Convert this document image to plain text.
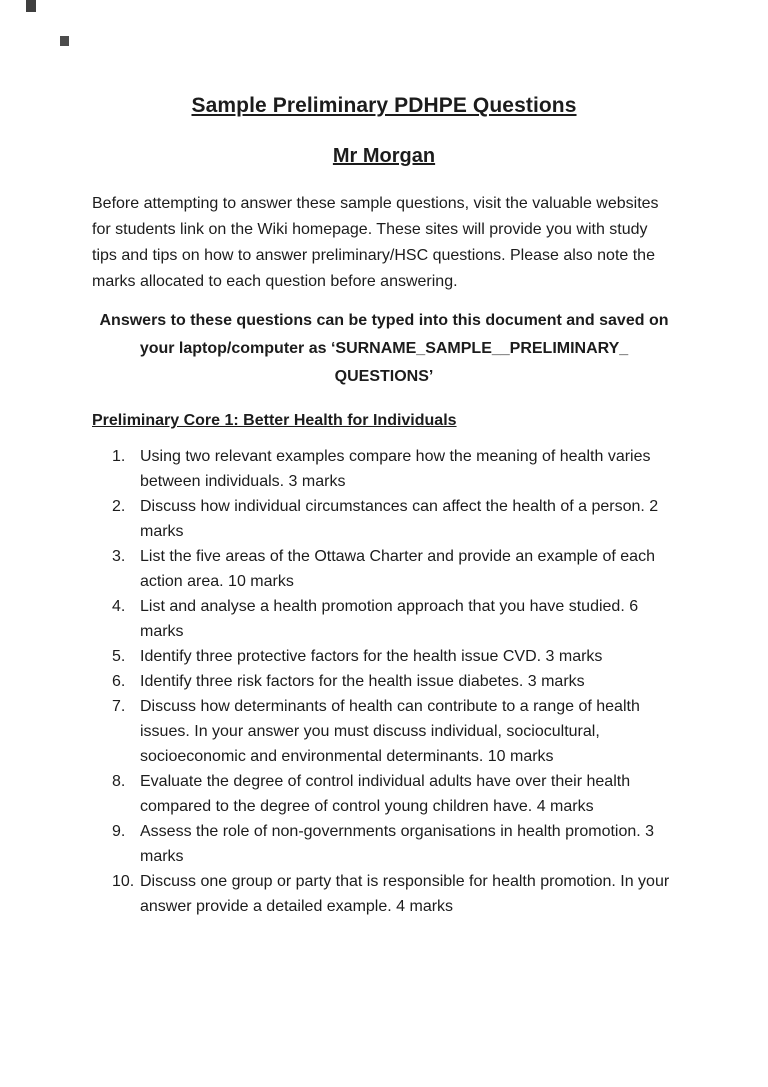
Sample Preliminary PDHPE Questions
Mr Morgan

Before attempting to answer these sample questions, visit the valuable websites for students link on the Wiki homepage. These sites will provide you with study tips and tips on how to answer preliminary/HSC questions. Please also note the marks allocated to each question before answering.

Answers to these questions can be typed into this document and saved on your laptop/computer as ‘SURNAME_SAMPLE__PRELIMINARY_ QUESTIONS’

Preliminary Core 1: Better Health for Individuals
1. Using two relevant examples compare how the meaning of health varies between individuals. 3 marks
2. Discuss how individual circumstances can affect the health of a person. 2 marks
3. List the five areas of the Ottawa Charter and provide an example of each action area. 10 marks
4. List and analyse a health promotion approach that you have studied. 6 marks
5. Identify three protective factors for the health issue CVD. 3 marks
6. Identify three risk factors for the health issue diabetes. 3 marks
7. Discuss how determinants of health can contribute to a range of health issues. In your answer you must discuss individual, sociocultural, socioeconomic and environmental determinants. 10 marks
8. Evaluate the degree of control individual adults have over their health compared to the degree of control young children have. 4 marks
9. Assess the role of non-governments organisations in health promotion. 3 marks
10. Discuss one group or party that is responsible for health promotion. In your answer provide a detailed example. 4 marks
